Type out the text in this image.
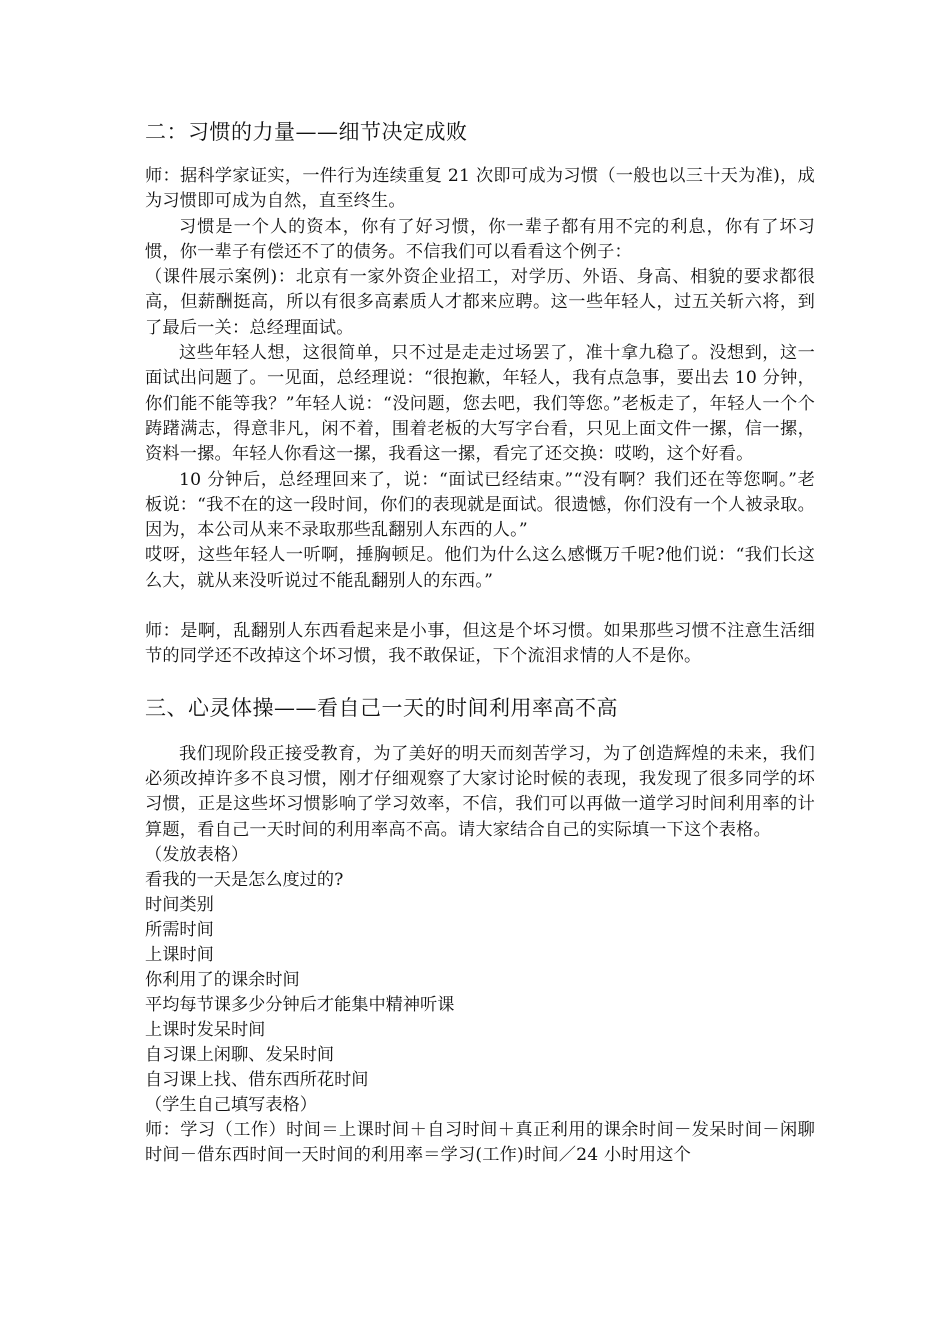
二：习惯的力量——细节决定成败

师：据科学家证实，一件行为连续重复 21 次即可成为习惯（一般也以三十天为准)，成为习惯即可成为自然，直至终生。

习惯是一个人的资本，你有了好习惯，你一辈子都有用不完的利息，你有了坏习惯，你一辈子有偿还不了的债务。不信我们可以看看这个例子：

（课件展示案例)：北京有一家外资企业招工，对学历、外语、身高、相貌的要求都很高，但薪酬挺高，所以有很多高素质人才都来应聘。这一些年轻人，过五关斩六将，到了最后一关：总经理面试。

这些年轻人想，这很简单，只不过是走走过场罢了，准十拿九稳了。没想到，这一面试出问题了。一见面，总经理说：“很抱歉，年轻人，我有点急事，要出去 10 分钟，你们能不能等我？”年轻人说：“没问题，您去吧，我们等您。”老板走了，年轻人一个个踌躇满志，得意非凡，闲不着，围着老板的大写字台看，只见上面文件一摞，信一摞，资料一摞。年轻人你看这一摞，我看这一摞，看完了还交换：哎哟，这个好看。

10 分钟后，总经理回来了，说：“面试已经结束。”“没有啊？我们还在等您啊。”老板说：“我不在的这一段时间，你们的表现就是面试。很遗憾，你们没有一个人被录取。因为，本公司从来不录取那些乱翻别人东西的人。”

哎呀，这些年轻人一听啊，捶胸顿足。他们为什么这么感慨万千呢?他们说：“我们长这么大，就从来没听说过不能乱翻别人的东西。”

师：是啊，乱翻别人东西看起来是小事，但这是个坏习惯。如果那些习惯不注意生活细节的同学还不改掉这个坏习惯，我不敢保证，下个流泪求情的人不是你。

三、心灵体操——看自己一天的时间利用率高不高

我们现阶段正接受教育，为了美好的明天而刻苦学习，为了创造辉煌的未来，我们必须改掉许多不良习惯，刚才仔细观察了大家讨论时候的表现，我发现了很多同学的坏习惯，正是这些坏习惯影响了学习效率，不信，我们可以再做一道学习时间利用率的计算题，看自己一天时间的利用率高不高。请大家结合自己的实际填一下这个表格。

（发放表格）

看我的一天是怎么度过的?

时间类别

所需时间

上课时间

你利用了的课余时间

平均每节课多少分钟后才能集中精神听课

上课时发呆时间

自习课上闲聊、发呆时间

自习课上找、借东西所花时间

（学生自己填写表格）

师：学习（工作）时间＝上课时间＋自习时间＋真正利用的课余时间－发呆时间－闲聊时间－借东西时间一天时间的利用率＝学习(工作)时间／24 小时用这个
